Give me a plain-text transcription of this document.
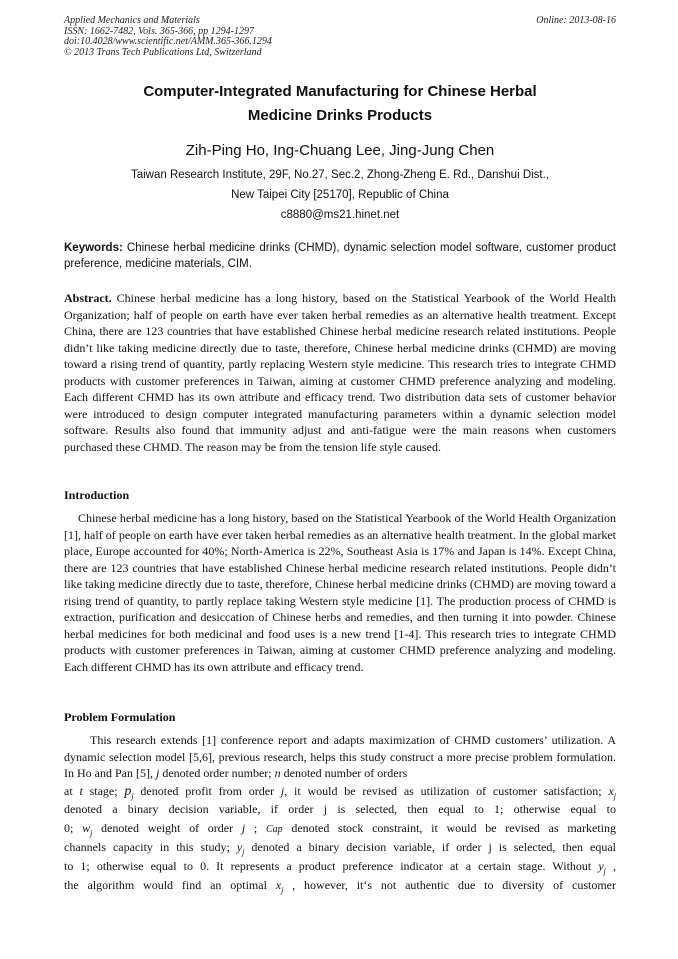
Applied Mechanics and Materials
ISSN: 1662-7482, Vols. 365-366, pp 1294-1297
doi:10.4028/www.scientific.net/AMM.365-366.1294
© 2013 Trans Tech Publications Ltd, Switzerland
Online: 2013-08-16
Computer-Integrated Manufacturing for Chinese Herbal
Medicine Drinks Products
Zih-Ping Ho, Ing-Chuang Lee, Jing-Jung Chen
Taiwan Research Institute, 29F, No.27, Sec.2, Zhong-Zheng E. Rd., Danshui Dist.,
New Taipei City [25170], Republic of China
c8880@ms21.hinet.net
Keywords: Chinese herbal medicine drinks (CHMD), dynamic selection model software, customer product preference, medicine materials, CIM.
Abstract. Chinese herbal medicine has a long history, based on the Statistical Yearbook of the World Health Organization; half of people on earth have ever taken herbal remedies as an alternative health treatment. Except China, there are 123 countries that have established Chinese herbal medicine research related institutions. People didn’t like taking medicine directly due to taste, therefore, Chinese herbal medicine drinks (CHMD) are moving toward a rising trend of quantity, partly replacing Western style medicine. This research tries to integrate CHMD products with customer preferences in Taiwan, aiming at customer CHMD preference analyzing and modeling. Each different CHMD has its own attribute and efficacy trend. Two distribution data sets of customer behavior were introduced to design computer integrated manufacturing parameters within a dynamic selection model software. Results also found that immunity adjust and anti-fatigue were the main reasons when customers purchased these CHMD. The reason may be from the tension life style caused.
Introduction
Chinese herbal medicine has a long history, based on the Statistical Yearbook of the World Health Organization [1], half of people on earth have ever taken herbal remedies as an alternative health treatment. In the global market place, Europe accounted for 40%; North-America is 22%, Southeast Asia is 17% and Japan is 14%. Except China, there are 123 countries that have established Chinese herbal medicine research related institutions. People didn’t like taking medicine directly due to taste, therefore, Chinese herbal medicine drinks (CHMD) are moving toward a rising trend of quantity, to partly replace taking Western style medicine [1]. The production process of CHMD is extraction, purification and desiccation of Chinese herbs and remedies, and then turning it into powder. Chinese herbal medicines for both medicinal and food uses is a new trend [1-4]. This research tries to integrate CHMD products with customer preferences in Taiwan, aiming at customer CHMD preference analyzing and modeling. Each different CHMD has its own attribute and efficacy trend.
Problem Formulation
This research extends [1] conference report and adapts maximization of CHMD customers’ utilization. A dynamic selection model [5,6], previous research, helps this study construct a more precise problem formulation. In Ho and Pan [5], j denoted order number; n denoted number of orders
at t stage; $p_j$ denoted profit from order j, it would be revised as utilization of customer satisfaction; $x_j$
denoted a binary decision variable, if order j is selected, then equal to 1; otherwise equal to
0; $w_j$ denoted weight of order j ; Cap denoted stock constraint, it would be revised as marketing
channels capacity in this study; $y_j$ denoted a binary decision variable, if order j is selected, then equal
to 1; otherwise equal to 0. It represents a product preference indicator at a certain stage. Without $y_j$ ,
the algorithm would find an optimal $x_j$ , however, it‘s not authentic due to diversity of customer
